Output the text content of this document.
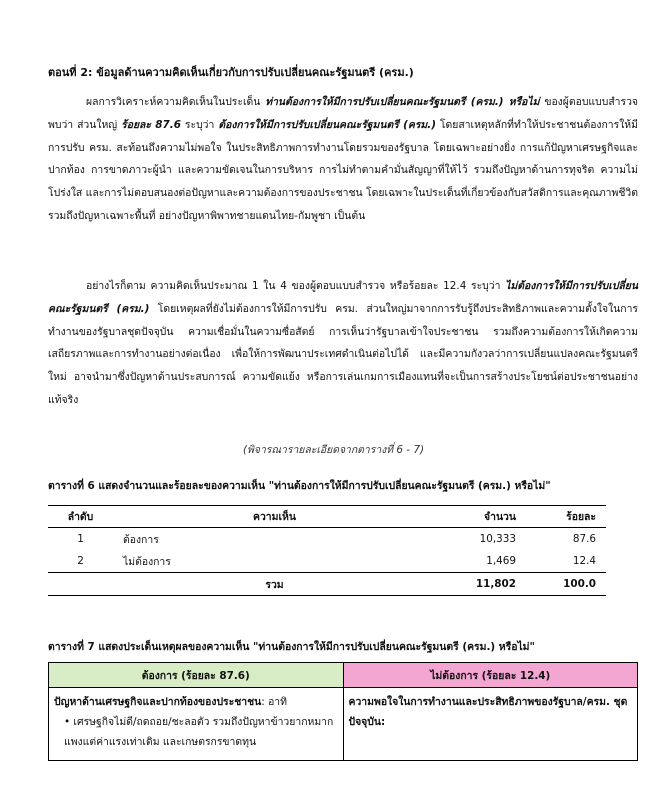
ตอนที่ 2: ข้อมูลด้านความคิดเห็นเกี่ยวกับการปรับเปลี่ยนคณะรัฐมนตรี (ครม.)

ผลการวิเคราะห์ความคิดเห็นในประเด็น ท่านต้องการให้มีการปรับเปลี่ยนคณะรัฐมนตรี (ครม.) หรือไม่ ของผู้ตอบแบบสำรวจ พบว่า ส่วนใหญ่ ร้อยละ 87.6 ระบุว่า ต้องการให้มีการปรับเปลี่ยนคณะรัฐมนตรี (ครม.) โดยสาเหตุหลักที่ทำให้ประชาชนต้องการให้มีการปรับ ครม. สะท้อนถึงความไม่พอใจ ในประสิทธิภาพการทำงานโดยรวมของรัฐบาล โดยเฉพาะอย่างยิ่ง การแก้ปัญหาเศรษฐกิจและปากท้อง การขาดภาวะผู้นำ และความขัดเจนในการบริหาร การไม่ทำตามคำมั่นสัญญาที่ให้ไว้ รวมถึงปัญหาด้านการทุจริต ความไม่โปร่งใส และการไม่ตอบสนองต่อปัญหาและความต้องการของประชาชน โดยเฉพาะในประเด็นที่เกี่ยวข้องกับสวัสดิการและคุณภาพชีวิต รวมถึงปัญหาเฉพาะพื้นที่ อย่างปัญหาพิพาทชายแดนไทย-กัมพูชา เป็นต้น

อย่างไรก็ตาม ความคิดเห็นประมาณ 1 ใน 4 ของผู้ตอบแบบสำรวจ หรือร้อยละ 12.4 ระบุว่า ไม่ต้องการให้มีการปรับเปลี่ยนคณะรัฐมนตรี (ครม.) โดยเหตุผลที่ยังไม่ต้องการให้มีการปรับ ครม. ส่วนใหญ่มาจากการรับรู้ถึงประสิทธิภาพและความตั้งใจในการทำงานของรัฐบาลชุดปัจจุบัน ความเชื่อมั่นในความซื่อสัตย์ การเห็นว่ารัฐบาลเข้าใจประชาชน รวมถึงความต้องการให้เกิดความเสถียรภาพและการทำงานอย่างต่อเนื่อง เพื่อให้การพัฒนาประเทศดำเนินต่อไปได้ และมีความกังวลว่าการเปลี่ยนแปลงคณะรัฐมนตรีใหม่ อาจนำมาซึ่งปัญหาด้านประสบการณ์ ความขัดแย้ง หรือการเล่นเกมการเมืองแทนที่จะเป็นการสร้างประโยชน์ต่อประชาชนอย่างแท้จริง

(พิจารณารายละเอียดจากตารางที่ 6 - 7)
ตารางที่ 6 แสดงจำนวนและร้อยละของความเห็น "ท่านต้องการให้มีการปรับเปลี่ยนคณะรัฐมนตรี (ครม.) หรือไม่"
ลำดับ	ความเห็น	จำนวน	ร้อยละ
1	ต้องการ	10,333	87.6
2	ไม่ต้องการ	1,469	12.4
	รวม	11,802	100.0
ตารางที่ 7 แสดงประเด็นเหตุผลของความเห็น "ท่านต้องการให้มีการปรับเปลี่ยนคณะรัฐมนตรี (ครม.) หรือไม่"
ต้องการ (ร้อยละ 87.6)	ไม่ต้องการ (ร้อยละ 12.4)

ปัญหาด้านเศรษฐกิจและปากท้องของประชาชน: อาทิ
• เศรษฐกิจไม่ดี/ถดถอย/ชะลอตัว รวมถึงปัญหาข้าวยากหมากแพงแต่ค่าแรงเท่าเดิม และเกษตรกรขาดทุน	ความพอใจในการทำงานและประสิทธิภาพของรัฐบาล/ครม. ชุดปัจจุบัน:
